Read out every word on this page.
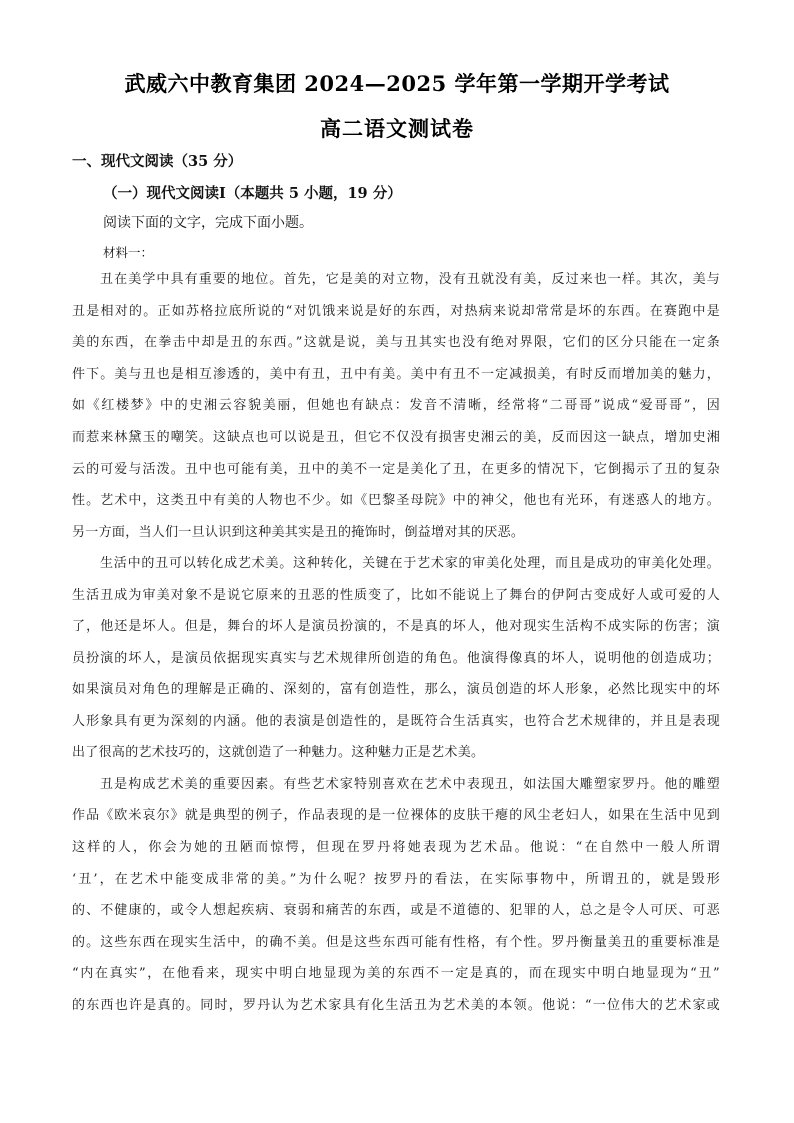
武威六中教育集团 2024—2025 学年第一学期开学考试
高二语文测试卷
一、现代文阅读（35 分）
（一）现代文阅读Ⅰ（本题共 5 小题，19 分）
阅读下面的文字，完成下面小题。
材料一：
丑在美学中具有重要的地位。首先，它是美的对立物，没有丑就没有美，反过来也一样。其次，美与
丑是相对的。正如苏格拉底所说的“对饥饿来说是好的东西，对热病来说却常常是坏的东西。在赛跑中是
美的东西，在拳击中却是丑的东西。”这就是说，美与丑其实也没有绝对界限，它们的区分只能在一定条
件下。美与丑也是相互渗透的，美中有丑，丑中有美。美中有丑不一定减损美，有时反而增加美的魅力，
如《红楼梦》中的史湘云容貌美丽，但她也有缺点：发音不清晰，经常将“二哥哥”说成“爱哥哥”，因
而惹来林黛玉的嘲笑。这缺点也可以说是丑，但它不仅没有损害史湘云的美，反而因这一缺点，增加史湘
云的可爱与活泼。丑中也可能有美，丑中的美不一定是美化了丑，在更多的情况下，它倒揭示了丑的复杂
性。艺术中，这类丑中有美的人物也不少。如《巴黎圣母院》中的神父，他也有光环，有迷惑人的地方。
另一方面，当人们一旦认识到这种美其实是丑的掩饰时，倒益增对其的厌恶。
生活中的丑可以转化成艺术美。这种转化，关键在于艺术家的审美化处理，而且是成功的审美化处理。
生活丑成为审美对象不是说它原来的丑恶的性质变了，比如不能说上了舞台的伊阿古变成好人或可爱的人
了，他还是坏人。但是，舞台的坏人是演员扮演的，不是真的坏人，他对现实生活构不成实际的伤害；演
员扮演的坏人，是演员依据现实真实与艺术规律所创造的角色。他演得像真的坏人，说明他的创造成功；
如果演员对角色的理解是正确的、深刻的，富有创造性，那么，演员创造的坏人形象，必然比现实中的坏
人形象具有更为深刻的内涵。他的表演是创造性的，是既符合生活真实，也符合艺术规律的，并且是表现
出了很高的艺术技巧的，这就创造了一种魅力。这种魅力正是艺术美。
丑是构成艺术美的重要因素。有些艺术家特别喜欢在艺术中表现丑，如法国大雕塑家罗丹。他的雕塑
作品《欧米哀尔》就是典型的例子，作品表现的是一位裸体的皮肤干瘪的风尘老妇人，如果在生活中见到
这样的人，你会为她的丑陋而惊愕，但现在罗丹将她表现为艺术品。他说：“在自然中一般人所谓
‘丑’，在艺术中能变成非常的美。”为什么呢？按罗丹的看法，在实际事物中，所谓丑的，就是毁形
的、不健康的，或令人想起疾病、衰弱和痛苦的东西，或是不道德的、犯罪的人，总之是令人可厌、可恶
的。这些东西在现实生活中，的确不美。但是这些东西可能有性格，有个性。罗丹衡量美丑的重要标准是
“内在真实”，在他看来，现实中明白地显现为美的东西不一定是真的，而在现实中明白地显现为“丑”
的东西也许是真的。同时，罗丹认为艺术家具有化生活丑为艺术美的本领。他说：“一位伟大的艺术家或
